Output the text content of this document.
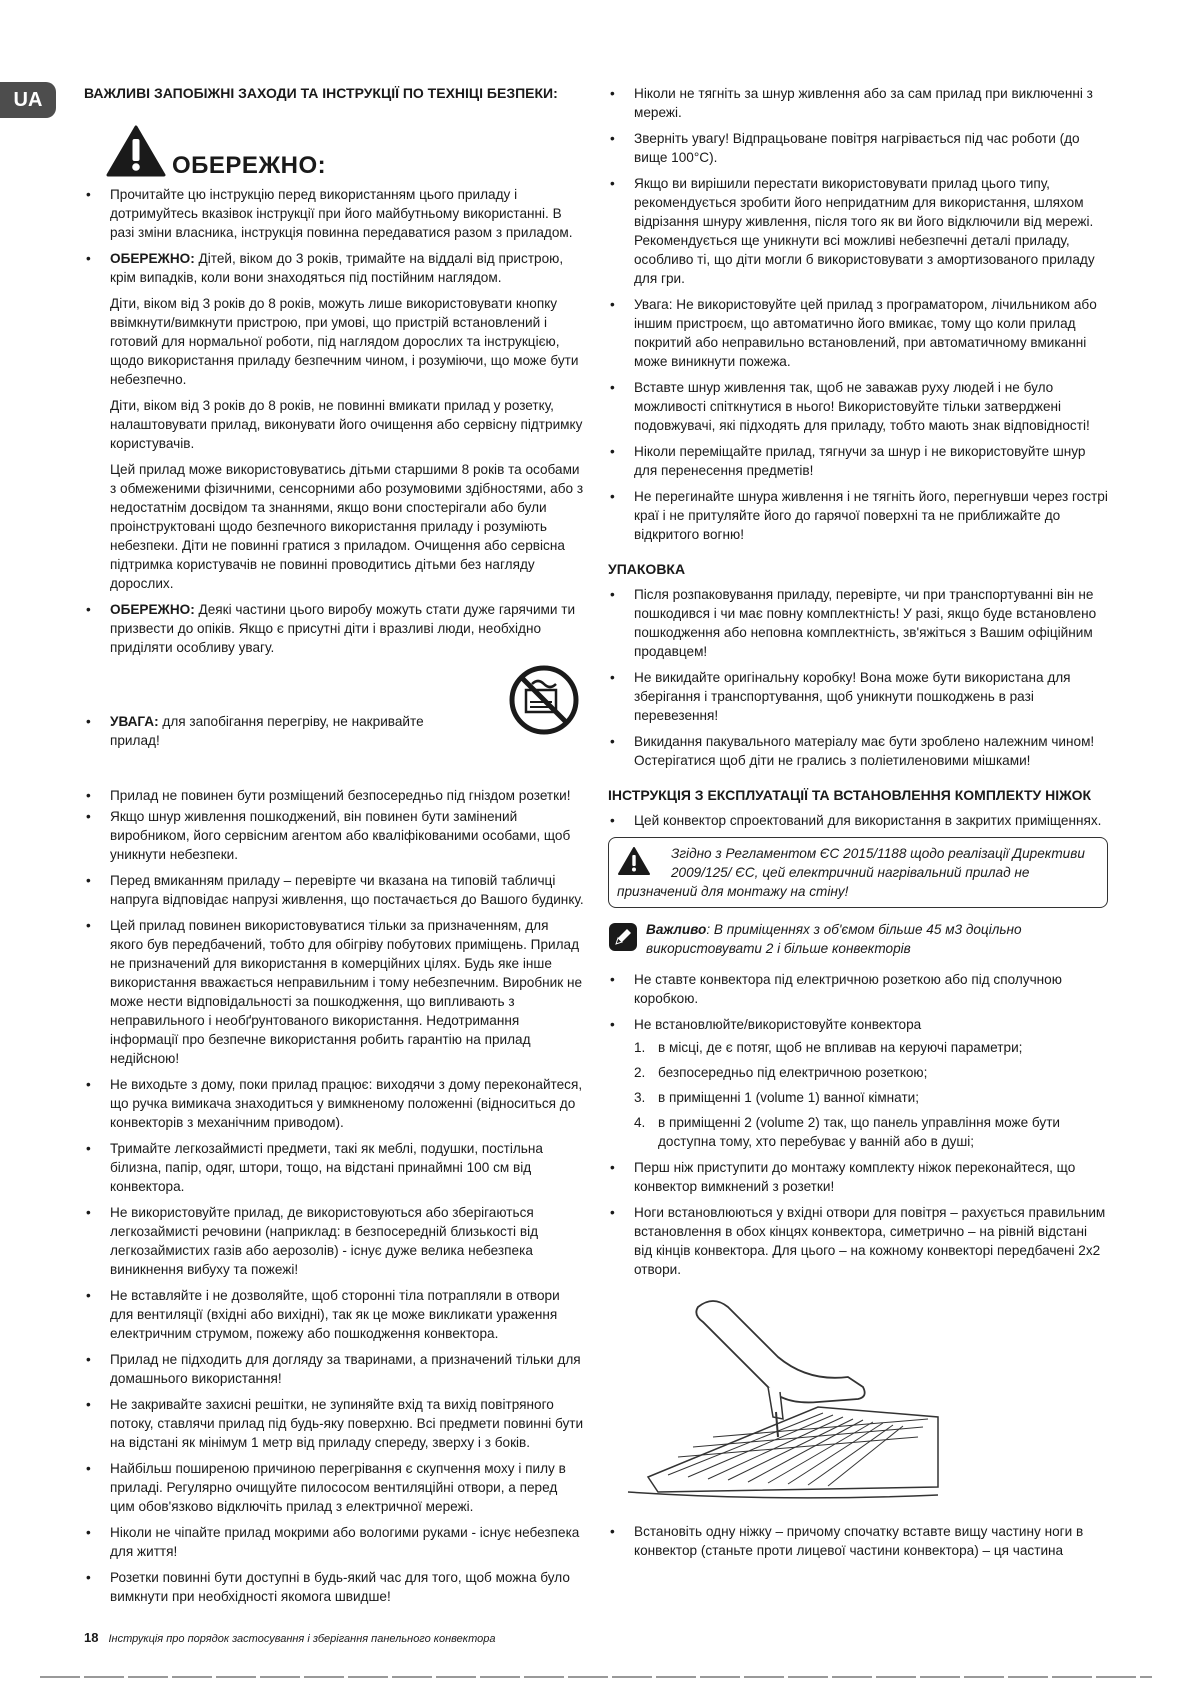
UA	ВАЖЛИВІ ЗАПОБІЖНІ ЗАХОДИ ТА ІНСТРУКЦІЇ ПО ТЕХНІЦІ БЕЗПЕКИ:
ОБЕРЕЖНО:
• Прочитайте цю інструкцію перед використанням цього приладу і дотримуйтесь вказівок інструкції при його майбутньому використанні. В разі зміни власника, інструкція повинна передаватися разом з приладом.
• ОБЕРЕЖНО: Дітей, віком до 3 років, тримайте на віддалі від пристрою, крім випадків, коли вони знаходяться під постійним наглядом.

Діти, віком від 3 років до 8 років, можуть лише використовувати кнопку ввімкнути/вимкнути пристрою, при умові, що пристрій встановлений і готовий для нормальної роботи, під наглядом дорослих та інструкцією, щодо використання приладу безпечним чином, і розуміючи, що може бути небезпечно.

Діти, віком від 3 років до 8 років, не повинні вмикати прилад у розетку, налаштовувати прилад, виконувати його очищення або сервісну підтримку користувачів.

Цей прилад може використовуватись дітьми старшими 8 років та особами з обмеженими фізичними, сенсорними або розумовими здібностями, або з недостатнім досвідом та знаннями, якщо вони спостерігали або були проінструктовані щодо безпечного використання приладу і розуміють небезпеки. Діти не повинні гратися з приладом. Очищення або сервісна підтримка користувачів не повинні проводитись дітьми без нагляду дорослих.

• ОБЕРЕЖНО: Деякі частини цього виробу можуть стати дуже гарячими ти призвести до опіків. Якщо є присутні діти і вразливі люди, необхідно приділяти особливу увагу.
• УВАГА: для запобігання перегріву, не накривайте прилад!
• Прилад не повинен бути розміщений безпосередньо під гніздом розетки!
• Якщо шнур живлення пошкоджений, він повинен бути замінений виробником, його сервісним агентом або кваліфікованими особами, щоб уникнути небезпеки.
• Перед вмиканням приладу – перевірте чи вказана на типовій табличці напруга відповідає напрузі живлення, що постачається до Вашого будинку.
• Цей прилад повинен використовуватися тільки за призначенням, для якого був передбачений, тобто для обігріву побутових приміщень. Прилад не призначений для використання в комерційних цілях. Будь яке інше використання вважається неправильним і тому небезпечним. Виробник не може нести відповідальності за пошкодження, що випливають з неправильного і необґрунтованого використання. Недотримання інформації про безпечне використання робить гарантію на прилад недійсною!
• Не виходьте з дому, поки прилад працює: виходячи з дому переконайтеся, що ручка вимикача знаходиться у вимкненому положенні (відноситься до конвекторів з механічним приводом).
• Тримайте легкозаймисті предмети, такі як меблі, подушки, постільна білизна, папір, одяг, штори, тощо, на відстані принаймні 100 см від конвектора.
• Не використовуйте прилад, де використовуються або зберігаються легкозаймисті речовини (наприклад: в безпосередній близькості від легкозаймистих газів або аерозолів) - існує дуже велика небезпека виникнення вибуху та пожежі!
• Не вставляйте і не дозволяйте, щоб сторонні тіла потрапляли в отвори для вентиляції (вхідні або вихідні), так як це може викликати ураження електричним струмом, пожежу або пошкодження конвектора.
• Прилад не підходить для догляду за тваринами, а призначений тільки для домашнього використання!
• Не закривайте захисні решітки, не зупиняйте вхід та вихід повітряного потоку, ставлячи прилад під будь-яку поверхню. Всі предмети повинні бути на відстані як мінімум 1 метр від приладу спереду, зверху і з боків.
• Найбільш поширеною причиною перегрівання є скупчення моху і пилу в приладі. Регулярно очищуйте пилососом вентиляційні отвори, а перед цим обов'язково відключіть прилад з електричної мережі.
• Ніколи не чіпайте прилад мокрими або вологими руками - існує небезпека для життя!
• Розетки повинні бути доступні в будь-який час для того, щоб можна було вимкнути при необхідності якомога швидше!
• Ніколи не тягніть за шнур живлення або за сам прилад при виключенні з мережі.
• Зверніть увагу! Відпрацьоване повітря нагрівається під час роботи (до вище 100°C).
• Якщо ви вирішили перестати використовувати прилад цього типу, рекомендується зробити його непридатним для використання, шляхом відрізання шнуру живлення, після того як ви його відключили від мережі. Рекомендується ще уникнути всі можливі небезпечні деталі приладу, особливо ті, що діти могли б використовувати з амортизованого приладу для гри.
• Увага: Не використовуйте цей прилад з програматором, лічильником або іншим пристроєм, що автоматично його вмикає, тому що коли прилад покритий або неправильно встановлений, при автоматичному вмиканні може виникнути пожежа.
• Вставте шнур живлення так, щоб не заважав руху людей і не було можливості спіткнутися в нього! Використовуйте тільки затверджені подовжувачі, які підходять для приладу, тобто мають знак відповідності!
• Ніколи переміщайте прилад, тягнучи за шнур і не використовуйте шнур для перенесення предметів!
• Не перегинайте шнура живлення і не тягніть його, перегнувши через гострі краї і не притуляйте його до гарячої поверхні та не приближайте до відкритого вогню!
УПАКОВКА
• Після розпаковування приладу, перевірте, чи при транспортуванні він не пошкодився і чи має повну комплектність! У разі, якщо буде встановлено пошкодження або неповна комплектність, зв'яжіться з Вашим офіційним продавцем!
• Не викидайте оригінальну коробку! Вона може бути використана для зберігання і транспортування, щоб уникнути пошкоджень в разі перевезення!
• Викидання пакувального матеріалу має бути зроблено належним чином! Остерігатися щоб діти не грались з поліетиленовими мішками!
ІНСТРУКЦІЯ З ЕКСПЛУАТАЦІЇ ТА ВСТАНОВЛЕННЯ КОМПЛЕКТУ НІЖОК
• Цей конвектор спроектований для використання в закритих приміщеннях.
Згідно з Регламентом ЄС 2015/1188 щодо реалізації Директиви
2009/125/ ЄС, цей електричний нагрівальний прилад не
призначений для монтажу на стіну!
Важливо: В приміщеннях з об'ємом більше 45 м3 доцільно використовувати 2 і більше конвекторів
• Не ставте конвектора під електричною розеткою або під сполучною коробкою.
• Не встановлюйте/використовуйте конвектора
1. в місці, де є потяг, щоб не впливав на керуючі параметри;
2. безпосередньо під електричною розеткою;
3. в приміщенні 1 (volume 1) ванної кімнати;
4. в приміщенні 2 (volume 2) так, що панель управління може бути доступна тому, хто перебуває у ванній або в душі;
• Перш ніж приступити до монтажу комплекту ніжок переконайтеся, що конвектор вимкнений з розетки!
• Ноги встановлюються у вхідні отвори для повітря – рахується правильним встановлення в обох кінцях конвектора, симетрично – на рівній відстані від кінців конвектора. Для цього – на кожному конвекторі передбачені 2x2 отвори.
• Встановіть одну ніжку – причому спочатку вставте вищу частину ноги в конвектор (станьте проти лицевої частини конвектора) – ця частина
18 Інструкція про порядок застосування і зберігання панельного конвектора
